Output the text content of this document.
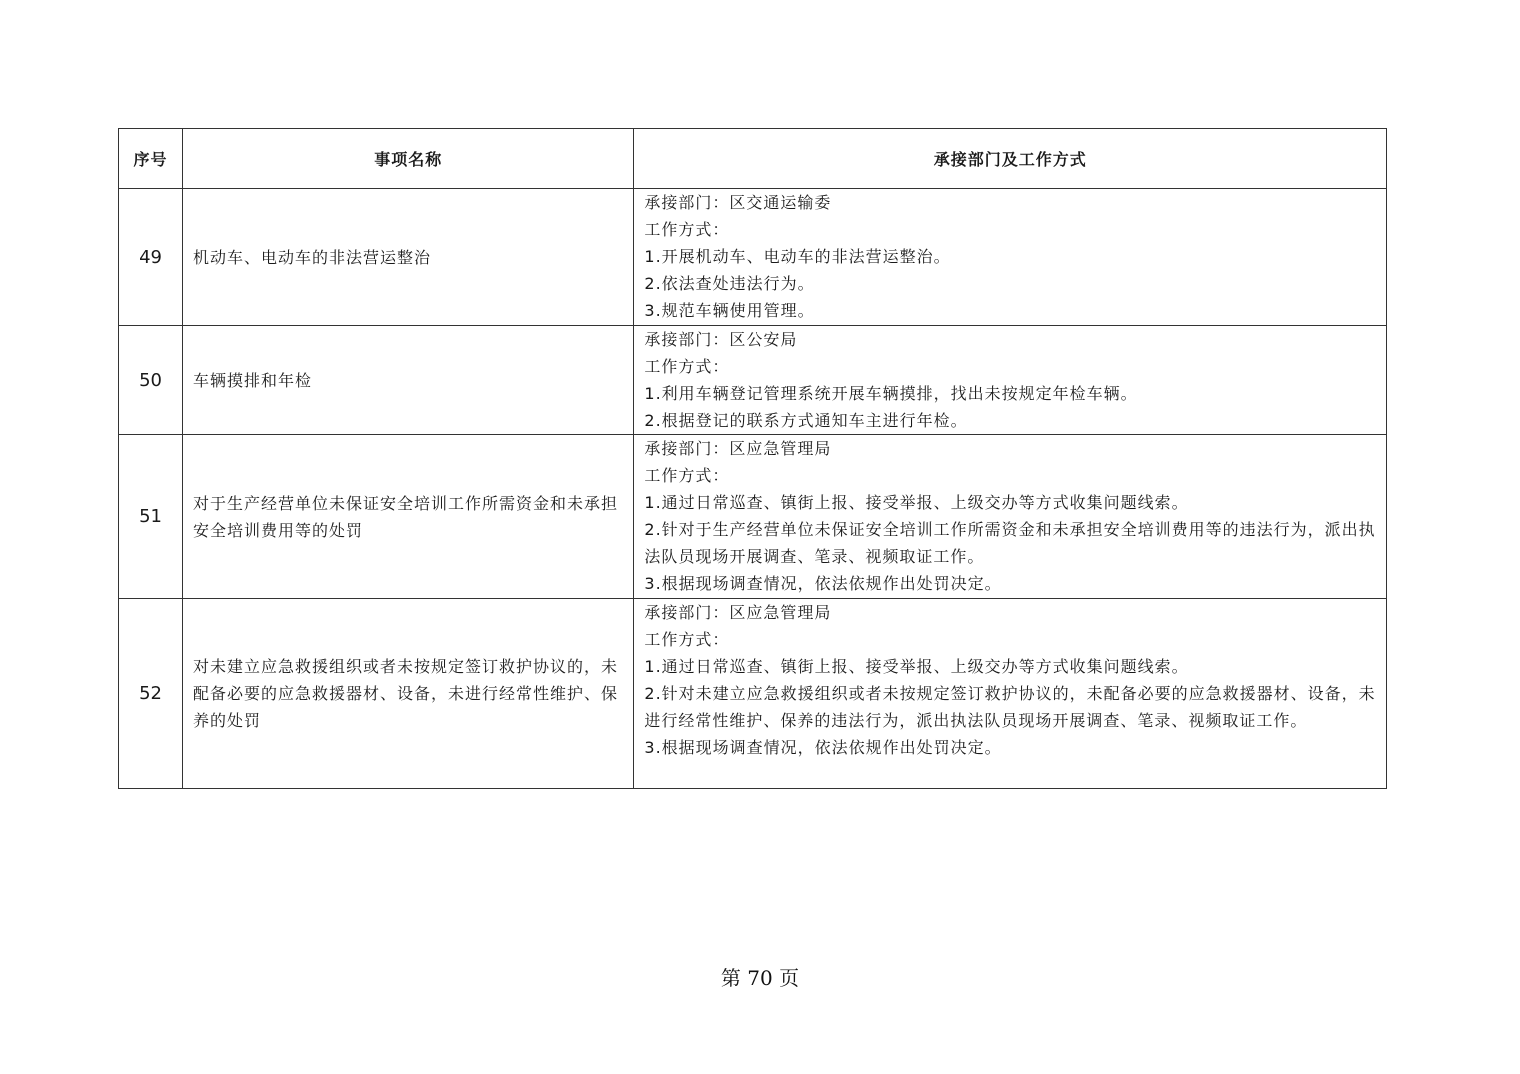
序号	事项名称	承接部门及工作方式
49	机动车、电动车的非法营运整治	承接部门：区交通运输委
工作方式：
1.开展机动车、电动车的非法营运整治。
2.依法查处违法行为。
3.规范车辆使用管理。

50	车辆摸排和年检	承接部门：区公安局
工作方式：
1.利用车辆登记管理系统开展车辆摸排，找出未按规定年检车辆。
2.根据登记的联系方式通知车主进行年检。

51	对于生产经营单位未保证安全培训工作所需资金和未承担安全培训费用等的处罚	承接部门：区应急管理局
工作方式：
1.通过日常巡查、镇街上报、接受举报、上级交办等方式收集问题线索。
2.针对于生产经营单位未保证安全培训工作所需资金和未承担安全培训费用等的违法行为，派出执法队员现场开展调查、笔录、视频取证工作。
3.根据现场调查情况，依法依规作出处罚决定。

52	对未建立应急救援组织或者未按规定签订救护协议的，未配备必要的应急救援器材、设备，未进行经常性维护、保养的处罚	承接部门：区应急管理局
工作方式：
1.通过日常巡查、镇街上报、接受举报、上级交办等方式收集问题线索。
2.针对未建立应急救援组织或者未按规定签订救护协议的，未配备必要的应急救援器材、设备，未进行经常性维护、保养的违法行为，派出执法队员现场开展调查、笔录、视频取证工作。
3.根据现场调查情况，依法依规作出处罚决定。
第 70 页
